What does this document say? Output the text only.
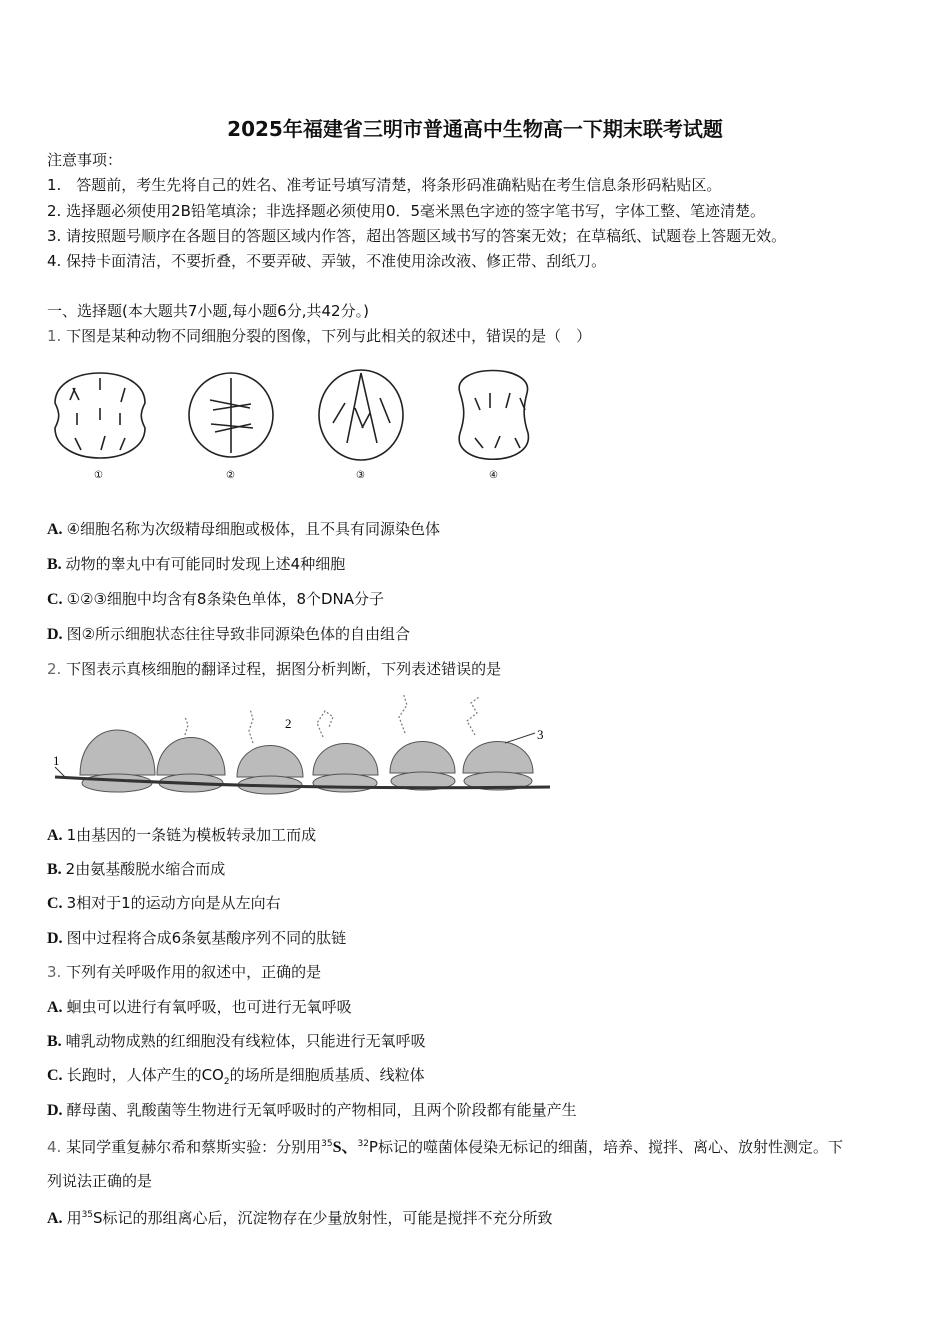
2025年福建省三明市普通高中生物高一下期末联考试题
注意事项：
1.　答题前，考生先将自己的姓名、准考证号填写清楚，将条形码准确粘贴在考生信息条形码粘贴区。
2. 选择题必须使用2B铅笔填涂；非选择题必须使用0．5毫米黑色字迹的签字笔书写，字体工整、笔迹清楚。
3. 请按照题号顺序在各题目的答题区域内作答，超出答题区域书写的答案无效；在草稿纸、试题卷上答题无效。
4. 保持卡面清洁，不要折叠，不要弄破、弄皱，不准使用涂改液、修正带、刮纸刀。
一、选择题(本大题共7小题,每小题6分,共42分。)
1. 下图是某种动物不同细胞分裂的图像，下列与此相关的叙述中，错误的是（　）
①	②	③	④
A. ④细胞名称为次级精母细胞或极体，且不具有同源染色体
B. 动物的睾丸中有可能同时发现上述4种细胞
C. ①②③细胞中均含有8条染色单体，8个DNA分子
D. 图②所示细胞状态往往导致非同源染色体的自由组合
2. 下图表示真核细胞的翻译过程，据图分析判断，下列表述错误的是
1
2
3
A. 1由基因的一条链为模板转录加工而成
B. 2由氨基酸脱水缩合而成
C. 3相对于1的运动方向是从左向右
D. 图中过程将合成6条氨基酸序列不同的肽链
3. 下列有关呼吸作用的叙述中，正确的是
A. 蛔虫可以进行有氧呼吸，也可进行无氧呼吸
B. 哺乳动物成熟的红细胞没有线粒体，只能进行无氧呼吸
C. 长跑时，人体产生的$CO_2$的场所是细胞质基质、线粒体
D. 酵母菌、乳酸菌等生物进行无氧呼吸时的产物相同，且两个阶段都有能量产生
4. 某同学重复赫尔希和蔡斯实验：分别用$^{35}$S、$^{32}$P标记的噬菌体侵染无标记的细菌，培养、搅拌、离心、放射性测定。下
列说法正确的是
A. 用$^{35}$S标记的那组离心后，沉淀物存在少量放射性，可能是搅拌不充分所致
